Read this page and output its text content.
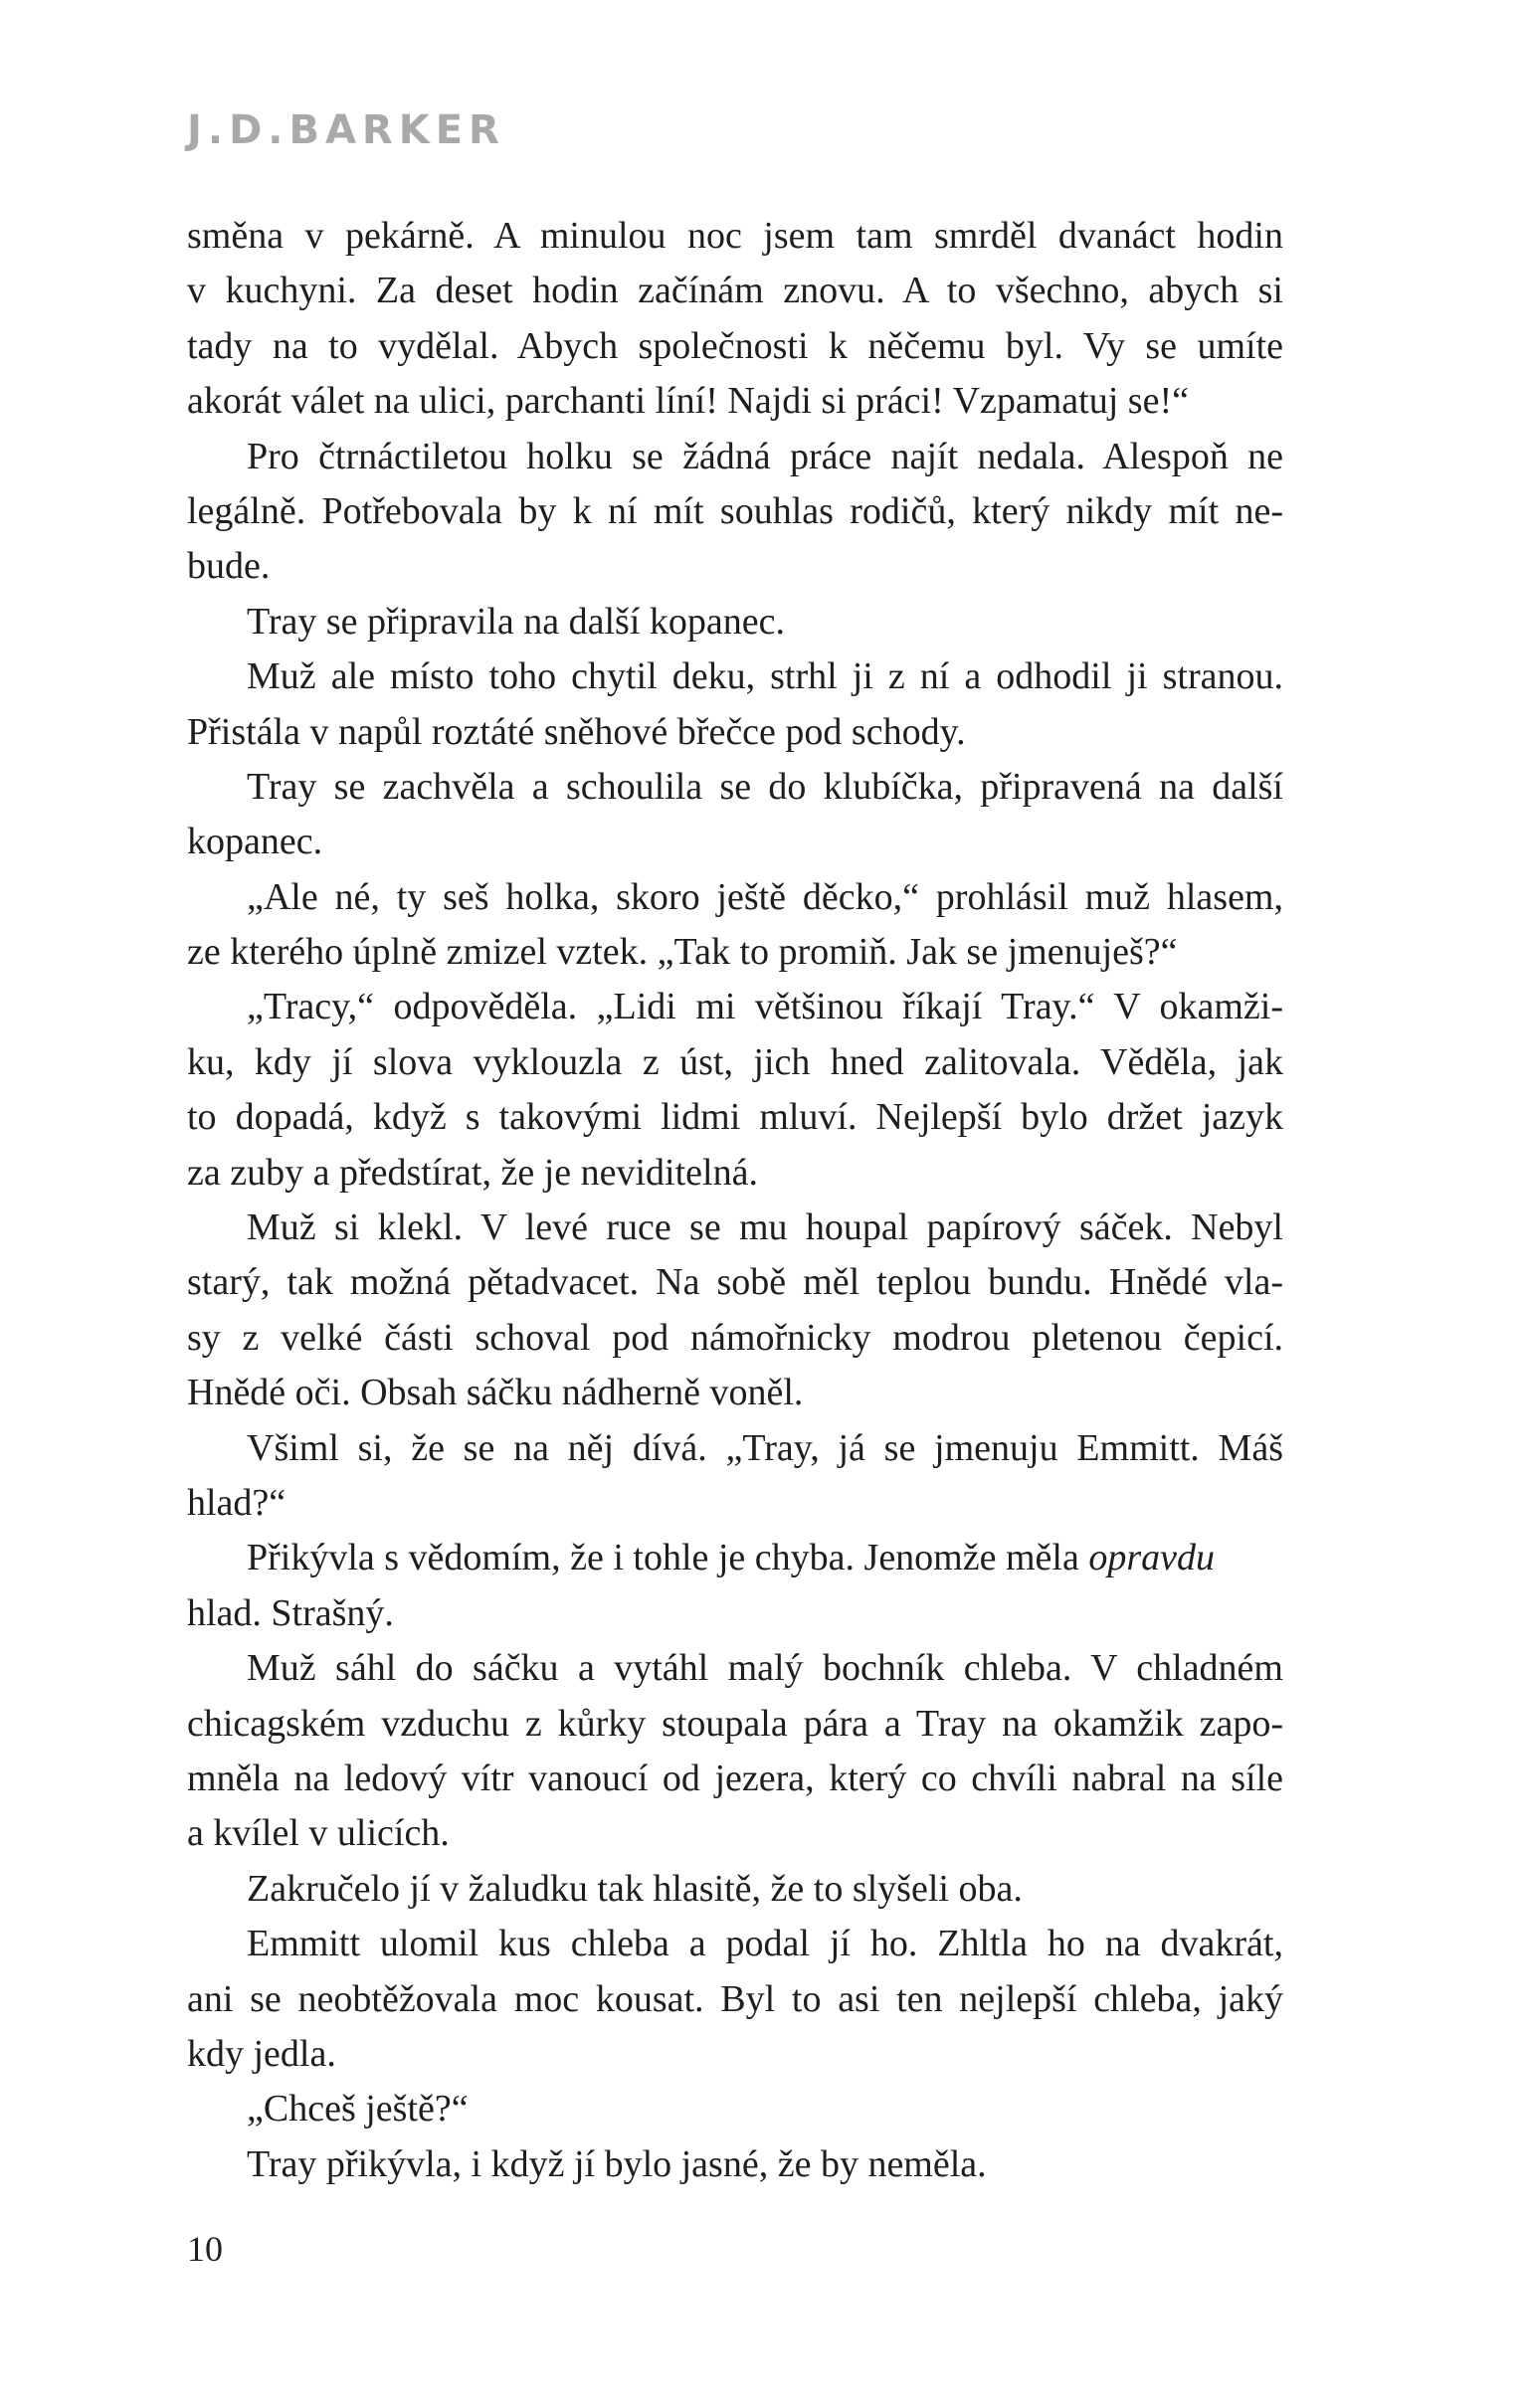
J.D.BARKER
směna v pekárně. A minulou noc jsem tam smrděl dvanáct hodin
v kuchyni. Za deset hodin začínám znovu. A to všechno, abych si
tady na to vydělal. Abych společnosti k něčemu byl. Vy se umíte
akorát válet na ulici, parchanti líní! Najdi si práci! Vzpamatuj se!“
Pro čtrnáctiletou holku se žádná práce najít nedala. Alespoň ne
legálně. Potřebovala by k ní mít souhlas rodičů, který nikdy mít ne-
bude.
Tray se připravila na další kopanec.
Muž ale místo toho chytil deku, strhl ji z ní a odhodil ji stranou.
Přistála v napůl roztáté sněhové břečce pod schody.
Tray se zachvěla a schoulila se do klubíčka, připravená na další
kopanec.
„Ale né, ty seš holka, skoro ještě děcko,“ prohlásil muž hlasem,
ze kterého úplně zmizel vztek. „Tak to promiň. Jak se jmenuješ?“
„Tracy,“ odpověděla. „Lidi mi většinou říkají Tray.“ V okamži-
ku, kdy jí slova vyklouzla z úst, jich hned zalitovala. Věděla, jak
to dopadá, když s takovými lidmi mluví. Nejlepší bylo držet jazyk
za zuby a předstírat, že je neviditelná.
Muž si klekl. V levé ruce se mu houpal papírový sáček. Nebyl
starý, tak možná pětadvacet. Na sobě měl teplou bundu. Hnědé vla-
sy z velké části schoval pod námořnicky modrou pletenou čepicí.
Hnědé oči. Obsah sáčku nádherně voněl.
Všiml si, že se na něj dívá. „Tray, já se jmenuju Emmitt. Máš
hlad?“
Přikývla s vědomím, že i tohle je chyba. Jenomže měla opravdu
hlad. Strašný.
Muž sáhl do sáčku a vytáhl malý bochník chleba. V chladném
chicagském vzduchu z kůrky stoupala pára a Tray na okamžik zapo-
mněla na ledový vítr vanoucí od jezera, který co chvíli nabral na síle
a kvílel v ulicích.
Zakručelo jí v žaludku tak hlasitě, že to slyšeli oba.
Emmitt ulomil kus chleba a podal jí ho. Zhltla ho na dvakrát,
ani se neobtěžovala moc kousat. Byl to asi ten nejlepší chleba, jaký
kdy jedla.
„Chceš ještě?“
Tray přikývla, i když jí bylo jasné, že by neměla.
10
